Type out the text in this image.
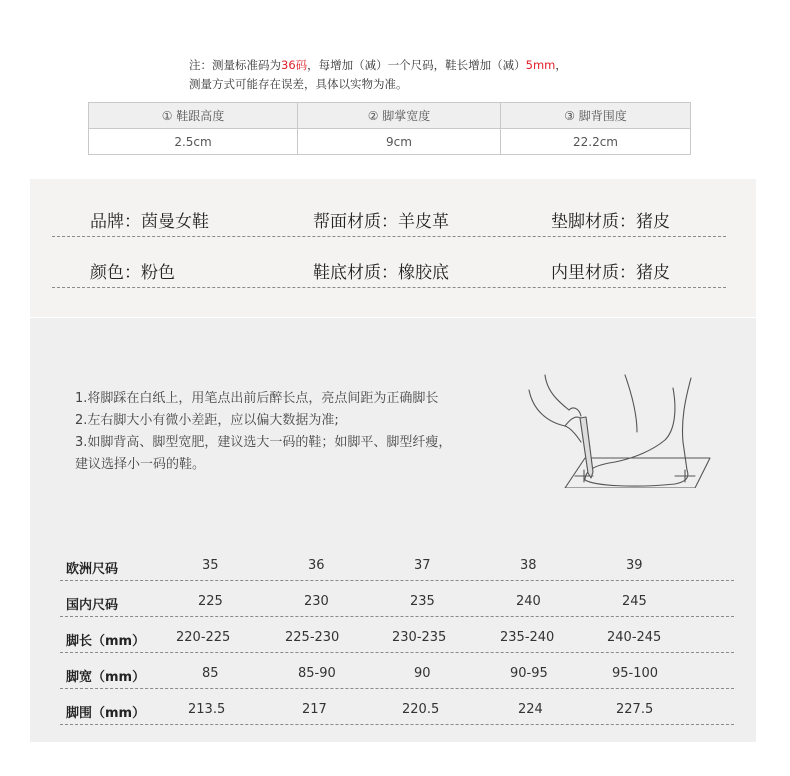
注：测量标准码为36码，每增加（减）一个尺码，鞋长增加（减）5mm，
测量方式可能存在误差，具体以实物为准。
① 鞋跟高度	② 脚掌宽度	③ 脚背围度
2.5cm	9cm	22.2cm
品牌：茵曼女鞋	帮面材质：羊皮革	垫脚材质：猪皮
颜色：粉色	鞋底材质：橡胶底	内里材质：猪皮
1.将脚踩在白纸上，用笔点出前后醉长点，亮点间距为正确脚长
2.左右脚大小有微小差距，应以偏大数据为准;
3.如脚背高、脚型宽肥，建议选大一码的鞋；如脚平、脚型纤瘦，
建议选择小一码的鞋。
欧洲尺码	35	36	37	38	39
国内尺码	225	230	235	240	245
脚长（mm） 220-225	225-230	230-235	235-240	240-245
脚宽（mm）	85	85-90	90	90-95	95-100
脚围（mm）	213.5	217	220.5	224	227.5
